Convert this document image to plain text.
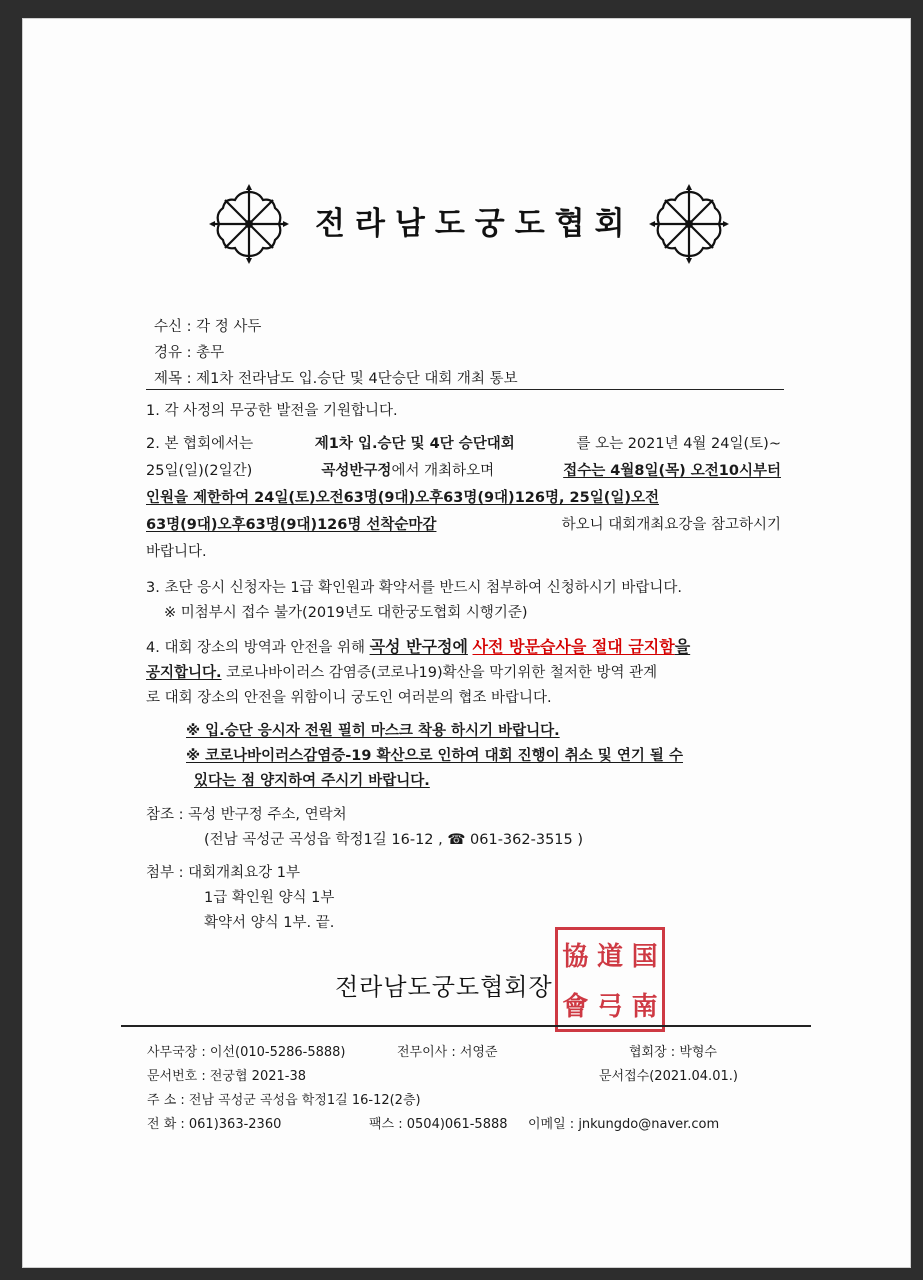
전라남도궁도협회
수신 : 각 정 사두
경유 : 총무
제목 : 제1차 전라남도 입.승단 및 4단승단 대회 개최 통보
1. 각 사정의 무궁한 발전을 기원합니다.
2. 본 협회에서는	제1차 입.승단 및 4단 승단대회	를 오는 2021년 4월 24일(토)~
25일(일)(2일간)	곡성반구정에서 개최하오며	접수는 4월8일(목) 오전10시부터
인원을 제한하여 24일(토)오전63명(9대)오후63명(9대)126명, 25일(일)오전
63명(9대)오후63명(9대)126명 선착순마감	하오니 대회개최요강을 참고하시기
바랍니다.
3. 초단 응시 신청자는 1급 확인원과 확약서를 반드시 첨부하여 신청하시기 바랍니다.
※ 미첨부시 접수 불가(2019년도 대한궁도협회 시행기준)
4. 대회 장소의 방역과 안전을 위해 곡성 반구정에 사전 방문습사을 절대 금지함을
공지합니다. 코로나바이러스 감염증(코로나19)확산을 막기위한 철저한 방역 관계
로 대회 장소의 안전을 위함이니 궁도인 여러분의 협조 바랍니다.
※ 입.승단 응시자 전원 필히 마스크 착용 하시기 바랍니다.
※ 코로나바이러스감염증-19 확산으로 인하여 대회 진행이 취소 및 연기 될 수
있다는 점 양지하여 주시기 바랍니다.
참조 : 곡성 반구정 주소, 연락처
(전남 곡성군 곡성읍 학정1길 16-12 , ☎ 061-362-3515 )
첨부 : 대회개최요강 1부
1급 확인원 양식 1부
확약서 양식 1부. 끝.
전라남도궁도협회장
協 道 国
會 弓 南
사무국장 : 이선(010-5286-5888)	전무이사 : 서영준	협회장 : 박형수
문서번호 : 전궁협 2021-38	문서접수(2021.04.01.)
주 소 : 전남 곡성군 곡성읍 학정1길 16-12(2층)
전 화 : 061)363-2360	팩스 : 0504)061-5888 이메일 : jnkungdo@naver.com
